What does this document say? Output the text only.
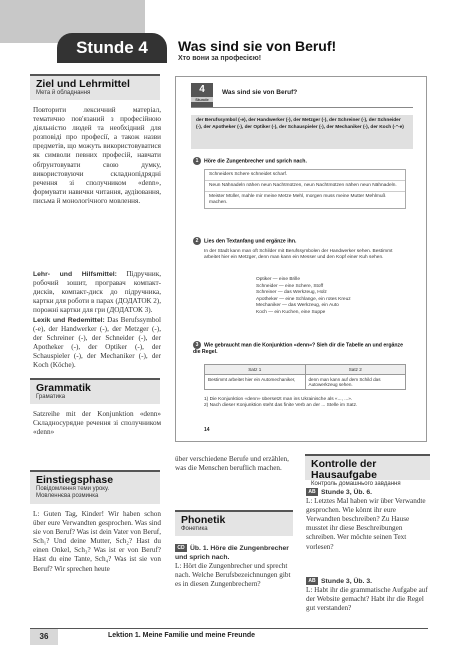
Stunde 4	Was sind sie von Beruf!
Хто вони за професією!
Ziel und Lehrmittel
Мета й обладнання
Повторити лексичний матеріал, тематично пов'язаний з професійною діяльністю людей та необхідний для розповіді про професії, а також назви предметів, що можуть використовуватися як символи певних професій, навчати обґрунтовувати свою думку, використовуючи складнопідрядні речення зі сполучником «denn», формувати навички читання, аудіювання, письма й монологічного мовлення.
Lehr- und Hilfsmittel: Підручник, робочий зошит, програвач компакт-дисків, компакт-диск до підручника, картки для роботи в парах (ДОДАТОК 2), порожні картки для гри (ДОДАТОК 3).
Lexik und Redemittel: Das Berufssymbol (-e), der Handwerker (-), der Metzger (-), der Schreiner (-), der Schneider (-), der Apotheker (-), der Optiker (-), der Schauspieler (-), der Mechaniker (-), der Koch (Köche).
Grammatik
Граматика
Satzreihe mit der Konjunktion «denn» Складносурядне речення зі сполучником «denn»
Einstiegsphase
Повідомлення теми уроку.
Мовленнєва розминка
L: Guten Tag, Kinder! Wir haben schon über eure Verwandten gesprochen. Was sind sie von Beruf? Was ist dein Vater von Beruf, Sch₁? Und deine Mutter, Sch₂? Hast du einen Onkel, Sch₃? Was ist er von Beruf? Hast du eine Tante, Sch₄? Was ist sie von Beruf? Wir sprechen heute
4
Stunde
Was sind sie von Beruf?
der Berufssymbol (-e), der Handwerker (-), der Metzger (-), der Schreiner (-), der Schneider (-), der Apotheker (-), der Optiker (-), der Schauspieler (-), der Mechaniker (-), der Koch (-"-e)
1 Höre die Zungenbrecher und sprich nach.
Schneiders Schere schneidet scharf.
Neun Nähnadeln nähen neun Nachtmützen, neun Nachtmützen nähen neun Nähnadeln.
Meister Müller, mahle mir meine Metze Mehl, morgen muss meine Mutter Mehlmuß machen.
2 Lies den Textanfang und ergänze ihn.
In der Stadt kann man oft Schilder mit Berufssymbolen der Handwerker sehen. Bestimmt arbeitet hier ein Metzger, denn man kann ein Messer und den Kopf einer Kuh sehen.
Optiker — eine Brille
Schneider — eine Schere, Stoff
Schreiner — das Werkzeug, Holz
Apotheker — eine Schlange, ein rotes Kreuz
Mechaniker — das Werkzeug, ein Auto
Koch — ein Kuchen, eine Suppe
3 Wie gebraucht man die Konjunktion «denn»? Sieh dir die Tabelle an und ergänze die Regel.
Satz 1	Satz 2
Bestimmt arbeitet hier ein Automechaniker,	denn man kann auf dem Schild das Autowerkzeug sehen.
1) Die Konjunktion «denn» übersetzt man ins Ukrainische als «..., ...».
2) Nach dieser Konjunktion steht das finite Verb an der ... Stelle im Satz.
14
über verschiedene Berufe und erzählen, was die Menschen beruflich machen.
Phonetik
Фонетика
CD Üb. 1. Höre die Zungenbrecher und sprich nach.
L: Hört die Zungenbrecher und sprecht nach. Welche Berufsbezeichnungen gibt es in diesen Zungenbrechern?
Kontrolle der Hausaufgabe
Контроль домашнього завдання
AB Stunde 3, Üb. 6.
L: Letztes Mal haben wir über Verwandte gesprochen. Wie könnt ihr eure Verwandten beschreiben? Zu Hause musstet ihr diese Beschreibungen schreiben. Wer möchte seinen Text vorlesen?
AB Stunde 3, Üb. 3.
L: Habt ihr die grammatische Aufgabe auf der Website gemacht? Habt ihr die Regel gut verstanden?
36	Lektion 1. Meine Familie und meine Freunde
